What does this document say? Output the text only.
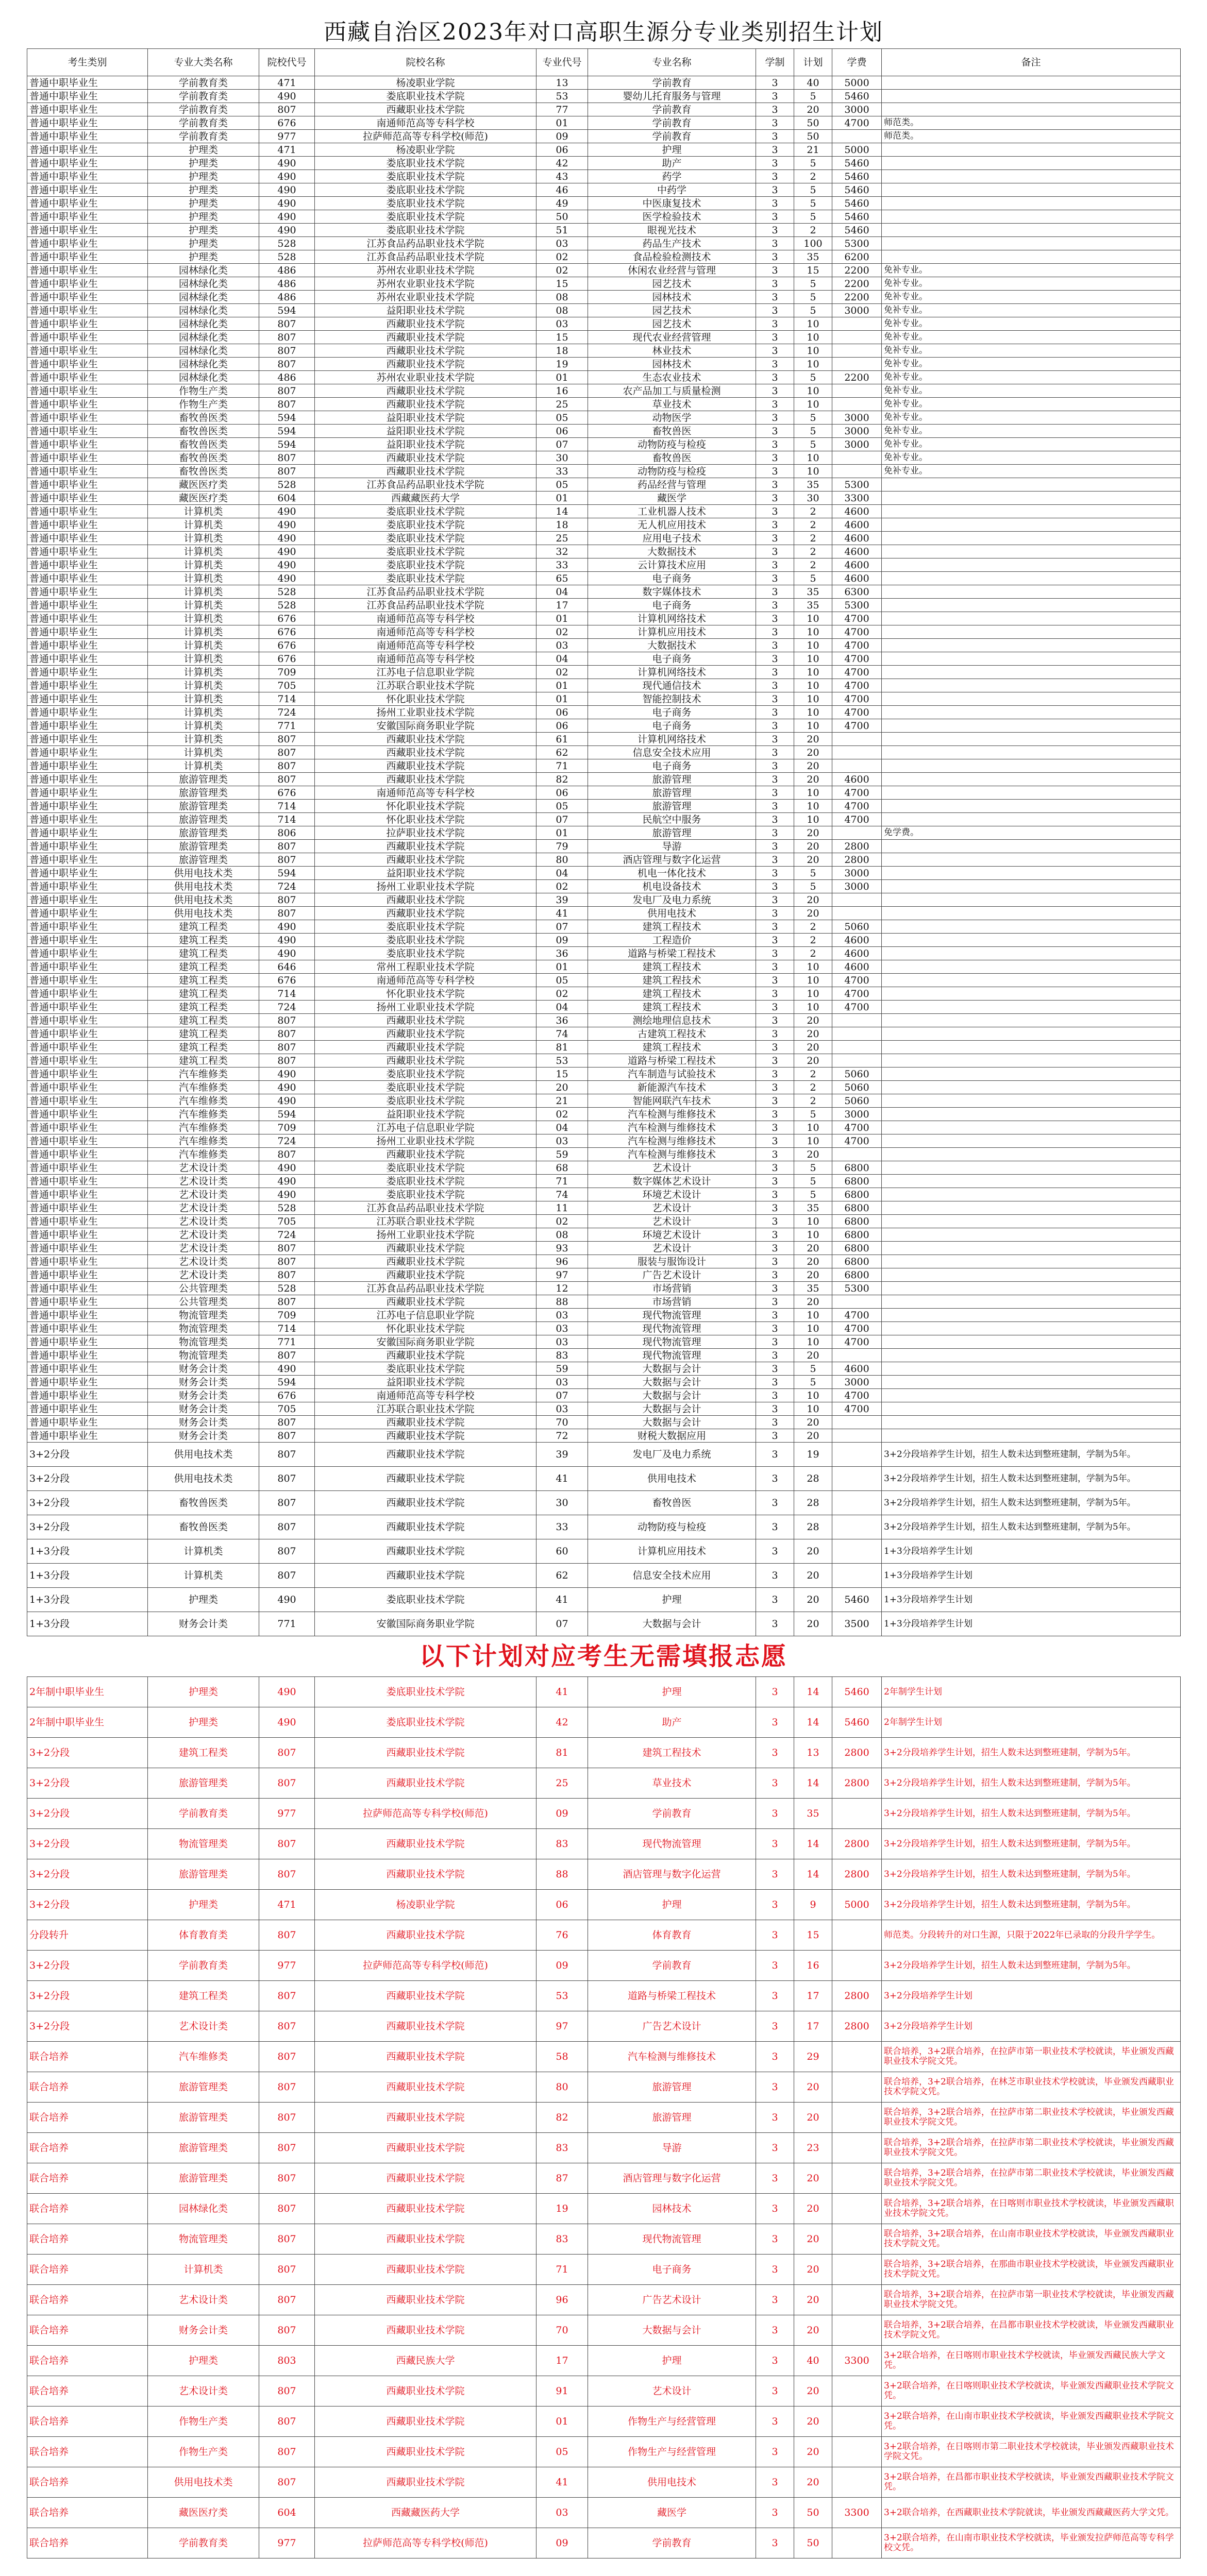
西藏自治区2023年对口高职生源分专业类别招生计划
考生类别	专业大类名称	院校代号	院校名称	专业代号	专业名称	学制	计划	学费	备注
普通中职毕业生	学前教育类	471	杨凌职业学院	13	学前教育	3	40	5000	
普通中职毕业生	学前教育类	490	娄底职业技术学院	53	婴幼儿托育服务与管理	3	5	5460	
普通中职毕业生	学前教育类	807	西藏职业技术学院	77	学前教育	3	20	3000	
普通中职毕业生	学前教育类	676	南通师范高等专科学校	01	学前教育	3	50	4700	师范类。
普通中职毕业生	学前教育类	977	拉萨师范高等专科学校(师范)	09	学前教育	3	50		师范类。
普通中职毕业生	护理类	471	杨凌职业学院	06	护理	3	21	5000	
普通中职毕业生	护理类	490	娄底职业技术学院	42	助产	3	5	5460	
普通中职毕业生	护理类	490	娄底职业技术学院	43	药学	3	2	5460	
普通中职毕业生	护理类	490	娄底职业技术学院	46	中药学	3	5	5460	
普通中职毕业生	护理类	490	娄底职业技术学院	49	中医康复技术	3	5	5460	
普通中职毕业生	护理类	490	娄底职业技术学院	50	医学检验技术	3	5	5460	
普通中职毕业生	护理类	490	娄底职业技术学院	51	眼视光技术	3	2	5460	
普通中职毕业生	护理类	528	江苏食品药品职业技术学院	03	药品生产技术	3	100	5300	
普通中职毕业生	护理类	528	江苏食品药品职业技术学院	02	食品检验检测技术	3	35	6200	
普通中职毕业生	园林绿化类	486	苏州农业职业技术学院	02	休闲农业经营与管理	3	15	2200	免补专业。
普通中职毕业生	园林绿化类	486	苏州农业职业技术学院	15	园艺技术	3	5	2200	免补专业。
普通中职毕业生	园林绿化类	486	苏州农业职业技术学院	08	园林技术	3	5	2200	免补专业。
普通中职毕业生	园林绿化类	594	益阳职业技术学院	08	园艺技术	3	5	3000	免补专业。
普通中职毕业生	园林绿化类	807	西藏职业技术学院	03	园艺技术	3	10		免补专业。
普通中职毕业生	园林绿化类	807	西藏职业技术学院	15	现代农业经营管理	3	10		免补专业。
普通中职毕业生	园林绿化类	807	西藏职业技术学院	18	林业技术	3	10		免补专业。
普通中职毕业生	园林绿化类	807	西藏职业技术学院	19	园林技术	3	10		免补专业。
普通中职毕业生	园林绿化类	486	苏州农业职业技术学院	01	生态农业技术	3	5	2200	免补专业。
普通中职毕业生	作物生产类	807	西藏职业技术学院	16	农产品加工与质量检测	3	10		免补专业。
普通中职毕业生	作物生产类	807	西藏职业技术学院	25	草业技术	3	10		免补专业。
普通中职毕业生	畜牧兽医类	594	益阳职业技术学院	05	动物医学	3	5	3000	免补专业。
普通中职毕业生	畜牧兽医类	594	益阳职业技术学院	06	畜牧兽医	3	5	3000	免补专业。
普通中职毕业生	畜牧兽医类	594	益阳职业技术学院	07	动物防疫与检疫	3	5	3000	免补专业。
普通中职毕业生	畜牧兽医类	807	西藏职业技术学院	30	畜牧兽医	3	10		免补专业。
普通中职毕业生	畜牧兽医类	807	西藏职业技术学院	33	动物防疫与检疫	3	10		免补专业。
普通中职毕业生	藏医医疗类	528	江苏食品药品职业技术学院	05	药品经营与管理	3	35	5300	
普通中职毕业生	藏医医疗类	604	西藏藏医药大学	01	藏医学	3	30	3300	
普通中职毕业生	计算机类	490	娄底职业技术学院	14	工业机器人技术	3	2	4600	
普通中职毕业生	计算机类	490	娄底职业技术学院	18	无人机应用技术	3	2	4600	
普通中职毕业生	计算机类	490	娄底职业技术学院	25	应用电子技术	3	2	4600	
普通中职毕业生	计算机类	490	娄底职业技术学院	32	大数据技术	3	2	4600	
普通中职毕业生	计算机类	490	娄底职业技术学院	33	云计算技术应用	3	2	4600	
普通中职毕业生	计算机类	490	娄底职业技术学院	65	电子商务	3	5	4600	
普通中职毕业生	计算机类	528	江苏食品药品职业技术学院	04	数字媒体技术	3	35	6300	
普通中职毕业生	计算机类	528	江苏食品药品职业技术学院	17	电子商务	3	35	5300	
普通中职毕业生	计算机类	676	南通师范高等专科学校	01	计算机网络技术	3	10	4700	
普通中职毕业生	计算机类	676	南通师范高等专科学校	02	计算机应用技术	3	10	4700	
普通中职毕业生	计算机类	676	南通师范高等专科学校	03	大数据技术	3	10	4700	
普通中职毕业生	计算机类	676	南通师范高等专科学校	04	电子商务	3	10	4700	
普通中职毕业生	计算机类	709	江苏电子信息职业学院	02	计算机网络技术	3	10	4700	
普通中职毕业生	计算机类	705	江苏联合职业技术学院	01	现代通信技术	3	10	4700	
普通中职毕业生	计算机类	714	怀化职业技术学院	01	智能控制技术	3	10	4700	
普通中职毕业生	计算机类	724	扬州工业职业技术学院	06	电子商务	3	10	4700	
普通中职毕业生	计算机类	771	安徽国际商务职业学院	06	电子商务	3	10	4700	
普通中职毕业生	计算机类	807	西藏职业技术学院	61	计算机网络技术	3	20		
普通中职毕业生	计算机类	807	西藏职业技术学院	62	信息安全技术应用	3	20		
普通中职毕业生	计算机类	807	西藏职业技术学院	71	电子商务	3	20		
普通中职毕业生	旅游管理类	807	西藏职业技术学院	82	旅游管理	3	20	4600	
普通中职毕业生	旅游管理类	676	南通师范高等专科学校	06	旅游管理	3	10	4700	
普通中职毕业生	旅游管理类	714	怀化职业技术学院	05	旅游管理	3	10	4700	
普通中职毕业生	旅游管理类	714	怀化职业技术学院	07	民航空中服务	3	10	4700	
普通中职毕业生	旅游管理类	806	拉萨职业技术学院	01	旅游管理	3	20		免学费。
普通中职毕业生	旅游管理类	807	西藏职业技术学院	79	导游	3	20	2800	
普通中职毕业生	旅游管理类	807	西藏职业技术学院	80	酒店管理与数字化运营	3	20	2800	
普通中职毕业生	供用电技术类	594	益阳职业技术学院	04	机电一体化技术	3	5	3000	
普通中职毕业生	供用电技术类	724	扬州工业职业技术学院	02	机电设备技术	3	5	3000	
普通中职毕业生	供用电技术类	807	西藏职业技术学院	39	发电厂及电力系统	3	20		
普通中职毕业生	供用电技术类	807	西藏职业技术学院	41	供用电技术	3	20		
普通中职毕业生	建筑工程类	490	娄底职业技术学院	07	建筑工程技术	3	2	5060	
普通中职毕业生	建筑工程类	490	娄底职业技术学院	09	工程造价	3	2	4600	
普通中职毕业生	建筑工程类	490	娄底职业技术学院	36	道路与桥梁工程技术	3	2	4600	
普通中职毕业生	建筑工程类	646	常州工程职业技术学院	01	建筑工程技术	3	10	4600	
普通中职毕业生	建筑工程类	676	南通师范高等专科学校	05	建筑工程技术	3	10	4700	
普通中职毕业生	建筑工程类	714	怀化职业技术学院	02	建筑工程技术	3	10	4700	
普通中职毕业生	建筑工程类	724	扬州工业职业技术学院	04	建筑工程技术	3	10	4700	
普通中职毕业生	建筑工程类	807	西藏职业技术学院	36	测绘地理信息技术	3	20		
普通中职毕业生	建筑工程类	807	西藏职业技术学院	74	古建筑工程技术	3	20		
普通中职毕业生	建筑工程类	807	西藏职业技术学院	81	建筑工程技术	3	20		
普通中职毕业生	建筑工程类	807	西藏职业技术学院	53	道路与桥梁工程技术	3	20		
普通中职毕业生	汽车维修类	490	娄底职业技术学院	15	汽车制造与试验技术	3	2	5060	
普通中职毕业生	汽车维修类	490	娄底职业技术学院	20	新能源汽车技术	3	2	5060	
普通中职毕业生	汽车维修类	490	娄底职业技术学院	21	智能网联汽车技术	3	2	5060	
普通中职毕业生	汽车维修类	594	益阳职业技术学院	02	汽车检测与维修技术	3	5	3000	
普通中职毕业生	汽车维修类	709	江苏电子信息职业学院	04	汽车检测与维修技术	3	10	4700	
普通中职毕业生	汽车维修类	724	扬州工业职业技术学院	03	汽车检测与维修技术	3	10	4700	
普通中职毕业生	汽车维修类	807	西藏职业技术学院	59	汽车检测与维修技术	3	20		
普通中职毕业生	艺术设计类	490	娄底职业技术学院	68	艺术设计	3	5	6800	
普通中职毕业生	艺术设计类	490	娄底职业技术学院	71	数字媒体艺术设计	3	5	6800	
普通中职毕业生	艺术设计类	490	娄底职业技术学院	74	环境艺术设计	3	5	6800	
普通中职毕业生	艺术设计类	528	江苏食品药品职业技术学院	11	艺术设计	3	35	6800	
普通中职毕业生	艺术设计类	705	江苏联合职业技术学院	02	艺术设计	3	10	6800	
普通中职毕业生	艺术设计类	724	扬州工业职业技术学院	08	环境艺术设计	3	10	6800	
普通中职毕业生	艺术设计类	807	西藏职业技术学院	93	艺术设计	3	20	6800	
普通中职毕业生	艺术设计类	807	西藏职业技术学院	96	服装与服饰设计	3	20	6800	
普通中职毕业生	艺术设计类	807	西藏职业技术学院	97	广告艺术设计	3	20	6800	
普通中职毕业生	公共管理类	528	江苏食品药品职业技术学院	12	市场营销	3	35	5300	
普通中职毕业生	公共管理类	807	西藏职业技术学院	88	市场营销	3	20		
普通中职毕业生	物流管理类	709	江苏电子信息职业学院	03	现代物流管理	3	10	4700	
普通中职毕业生	物流管理类	714	怀化职业技术学院	03	现代物流管理	3	10	4700	
普通中职毕业生	物流管理类	771	安徽国际商务职业学院	03	现代物流管理	3	10	4700	
普通中职毕业生	物流管理类	807	西藏职业技术学院	83	现代物流管理	3	20		
普通中职毕业生	财务会计类	490	娄底职业技术学院	59	大数据与会计	3	5	4600	
普通中职毕业生	财务会计类	594	益阳职业技术学院	03	大数据与会计	3	5	3000	
普通中职毕业生	财务会计类	676	南通师范高等专科学校	07	大数据与会计	3	10	4700	
普通中职毕业生	财务会计类	705	江苏联合职业技术学院	03	大数据与会计	3	10	4700	
普通中职毕业生	财务会计类	807	西藏职业技术学院	70	大数据与会计	3	20		
普通中职毕业生	财务会计类	807	西藏职业技术学院	72	财税大数据应用	3	20		
3+2分段	供用电技术类	807	西藏职业技术学院	39	发电厂及电力系统	3	19		3+2分段培养学生计划，招生人数未达到整班建制，学制为5年。
3+2分段	供用电技术类	807	西藏职业技术学院	41	供用电技术	3	28		3+2分段培养学生计划，招生人数未达到整班建制，学制为5年。
3+2分段	畜牧兽医类	807	西藏职业技术学院	30	畜牧兽医	3	28		3+2分段培养学生计划，招生人数未达到整班建制，学制为5年。
3+2分段	畜牧兽医类	807	西藏职业技术学院	33	动物防疫与检疫	3	28		3+2分段培养学生计划，招生人数未达到整班建制，学制为5年。
1+3分段	计算机类	807	西藏职业技术学院	60	计算机应用技术	3	20		1+3分段培养学生计划
1+3分段	计算机类	807	西藏职业技术学院	62	信息安全技术应用	3	20		1+3分段培养学生计划
1+3分段	护理类	490	娄底职业技术学院	41	护理	3	20	5460	1+3分段培养学生计划
1+3分段	财务会计类	771	安徽国际商务职业学院	07	大数据与会计	3	20	3500	1+3分段培养学生计划
以下计划对应考生无需填报志愿
2年制中职毕业生	护理类	490	娄底职业技术学院	41	护理	3	14	5460	2年制学生计划
2年制中职毕业生	护理类	490	娄底职业技术学院	42	助产	3	14	5460	2年制学生计划
3+2分段	建筑工程类	807	西藏职业技术学院	81	建筑工程技术	3	13	2800	3+2分段培养学生计划，招生人数未达到整班建制，学制为5年。
3+2分段	旅游管理类	807	西藏职业技术学院	25	草业技术	3	14	2800	3+2分段培养学生计划，招生人数未达到整班建制，学制为5年。
3+2分段	学前教育类	977	拉萨师范高等专科学校(师范)	09	学前教育	3	35		3+2分段培养学生计划，招生人数未达到整班建制，学制为5年。
3+2分段	物流管理类	807	西藏职业技术学院	83	现代物流管理	3	14	2800	3+2分段培养学生计划，招生人数未达到整班建制，学制为5年。
3+2分段	旅游管理类	807	西藏职业技术学院	88	酒店管理与数字化运营	3	14	2800	3+2分段培养学生计划，招生人数未达到整班建制，学制为5年。
3+2分段	护理类	471	杨凌职业学院	06	护理	3	9	5000	3+2分段培养学生计划，招生人数未达到整班建制，学制为5年。
分段转升	体育教育类	807	西藏职业技术学院	76	体育教育	3	15		师范类。分段转升的对口生源，只限于2022年已录取的分段升学学生。
3+2分段	学前教育类	977	拉萨师范高等专科学校(师范)	09	学前教育	3	16		3+2分段培养学生计划，招生人数未达到整班建制，学制为5年。
3+2分段	建筑工程类	807	西藏职业技术学院	53	道路与桥梁工程技术	3	17	2800	3+2分段培养学生计划
3+2分段	艺术设计类	807	西藏职业技术学院	97	广告艺术设计	3	17	2800	3+2分段培养学生计划
联合培养	汽车维修类	807	西藏职业技术学院	58	汽车检测与维修技术	3	29		联合培养，3+2联合培养，在拉萨市第一职业技术学校就读，毕业颁发西藏职业技术学院文凭。
联合培养	旅游管理类	807	西藏职业技术学院	80	旅游管理	3	20		联合培养，3+2联合培养，在林芝市职业技术学校就读，毕业颁发西藏职业技术学院文凭。
联合培养	旅游管理类	807	西藏职业技术学院	82	旅游管理	3	20		联合培养，3+2联合培养，在拉萨市第二职业技术学校就读，毕业颁发西藏职业技术学院文凭。
联合培养	旅游管理类	807	西藏职业技术学院	83	导游	3	23		联合培养，3+2联合培养，在拉萨市第二职业技术学校就读，毕业颁发西藏职业技术学院文凭。
联合培养	旅游管理类	807	西藏职业技术学院	87	酒店管理与数字化运营	3	20		联合培养，3+2联合培养，在拉萨市第二职业技术学校就读，毕业颁发西藏职业技术学院文凭。
联合培养	园林绿化类	807	西藏职业技术学院	19	园林技术	3	20		联合培养，3+2联合培养，在日喀则市职业技术学校就读，毕业颁发西藏职业技术学院文凭。
联合培养	物流管理类	807	西藏职业技术学院	83	现代物流管理	3	20		联合培养，3+2联合培养，在山南市职业技术学校就读，毕业颁发西藏职业技术学院文凭。
联合培养	计算机类	807	西藏职业技术学院	71	电子商务	3	20		联合培养，3+2联合培养，在那曲市职业技术学校就读，毕业颁发西藏职业技术学院文凭。
联合培养	艺术设计类	807	西藏职业技术学院	96	广告艺术设计	3	20		联合培养，3+2联合培养，在拉萨市第一职业技术学校就读，毕业颁发西藏职业技术学院文凭。
联合培养	财务会计类	807	西藏职业技术学院	70	大数据与会计	3	20		联合培养，3+2联合培养，在昌都市职业技术学校就读，毕业颁发西藏职业技术学院文凭。
联合培养	护理类	803	西藏民族大学	17	护理	3	40	3300	3+2联合培养，在日喀则市职业技术学校就读，毕业颁发西藏民族大学文凭。
联合培养	艺术设计类	807	西藏职业技术学院	91	艺术设计	3	20		3+2联合培养，在日喀则职业技术学校就读，毕业颁发西藏职业技术学院文凭。
联合培养	作物生产类	807	西藏职业技术学院	01	作物生产与经营管理	3	20		3+2联合培养，在山南市职业技术学校就读，毕业颁发西藏职业技术学院文凭。
联合培养	作物生产类	807	西藏职业技术学院	05	作物生产与经营管理	3	20		3+2联合培养，在日喀则市第二职业技术学校就读，毕业颁发西藏职业技术学院文凭。
联合培养	供用电技术类	807	西藏职业技术学院	41	供用电技术	3	20		3+2联合培养，在昌都市职业技术学校就读，毕业颁发西藏职业技术学院文凭。
联合培养	藏医医疗类	604	西藏藏医药大学	03	藏医学	3	50	3300	3+2联合培养，在西藏职业技术学院就读，毕业颁发西藏藏医药大学文凭。
联合培养	学前教育类	977	拉萨师范高等专科学校(师范)	09	学前教育	3	50		3+2联合培养，在山南市职业技术学校就读，毕业颁发拉萨师范高等专科学校文凭。
